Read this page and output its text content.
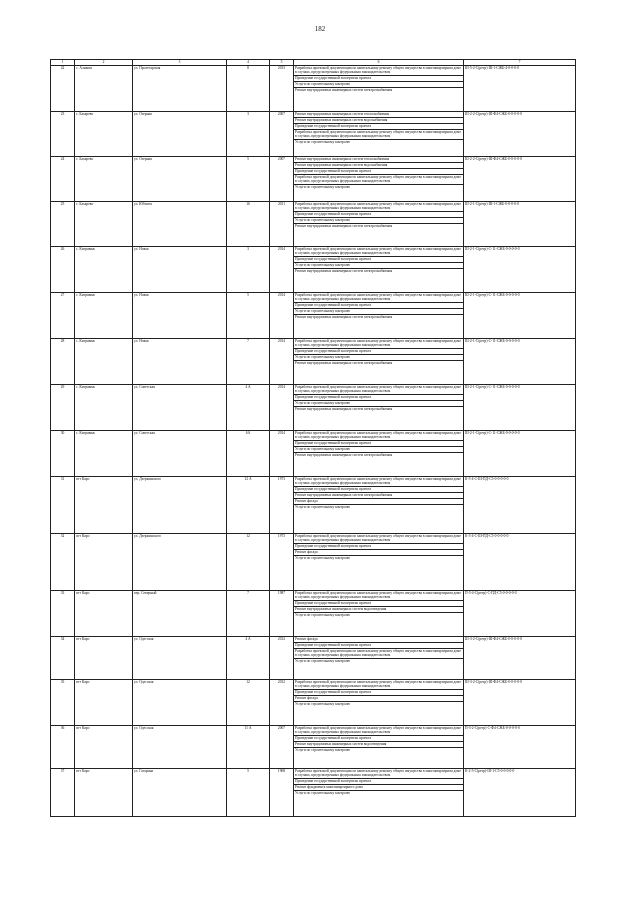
182
1	2	3	4	5	6	7
22	с. Алнаши	ул. Пролетарская	8	2013	Разработка проектной документации по капитальному ремонту общего имущества в многоквартирном доме в случаях, предусмотренных федеральным законодательством
Проведение государственной экспертизы проекта
Услуги по строительному контролю
Ремонт внутридомовых инженерных систем электроснабжения	Ш-5-2-С(ретр)-Ш-1-СЖБ-4-0-0-0-0
23	с. Бахарево	ул. Озерная	3	2007	Ремонт внутридомовых инженерных систем теплоснабжения
Ремонт внутридомовых инженерных систем водоснабжения
Проведение государственной экспертизы проекта
Разработка проектной документации по капитальному ремонту общего имущества в многоквартирном доме в случаях, предусмотренных федеральным законодательством
Услуги по строительному контролю	Ш-2-2-С(ретр)-Ш-Ф4-СЖБ-0-0-0-0-0
24	с. Бахарево	ул. Озерная	5	2007	Ремонт внутридомовых инженерных систем теплоснабжения
Ремонт внутридомовых инженерных систем водоснабжения
Проведение государственной экспертизы проекта
Разработка проектной документации по капитальному ремонту общего имущества в многоквартирном доме в случаях, предусмотренных федеральным законодательством
Услуги по строительному контролю	Ш-2-2-С(ретр)-Ш-Ф4-СЖБ-0-0-0-0-0
25	с. Бахарево	ул. Юбилея	16	2011	Разработка проектной документации по капитальному ремонту общего имущества в многоквартирном доме в случаях, предусмотренных федеральным законодательством
Проведение государственной экспертизы проекта
Услуги по строительному контролю
Ремонт внутридомовых инженерных систем электроснабжения	Ш-2-1-С(ретр)-Ш-1-СЖБ-0-0-0-0-0
26	с. Китрявиж	ул. Новая	3	2014	Разработка проектной документации по капитальному ремонту общего имущества в многоквартирном доме в случаях, предусмотренных федеральным законодательством
Проведение государственной экспертизы проекта
Услуги по строительному контролю
Ремонт внутридомовых инженерных систем электроснабжения	Ш-2-1-С(ретр)-С-11-СЖБ-0-0-0-0-0
27	с. Китрявиж	ул. Новая	5	2014	Разработка проектной документации по капитальному ремонту общего имущества в многоквартирном доме в случаях, предусмотренных федеральным законодательством
Проведение государственной экспертизы проекта
Услуги по строительному контролю
Ремонт внутридомовых инженерных систем электроснабжения	Ш-2-1-С(ретр)-С-11-СЖБ-0-0-0-0-0
28	с. Китрявиж	ул. Новая	7	2014	Разработка проектной документации по капитальному ремонту общего имущества в многоквартирном доме в случаях, предусмотренных федеральным законодательством
Проведение государственной экспертизы проекта
Услуги по строительному контролю
Ремонт внутридомовых инженерных систем электроснабжения	Ш-2-1-С(ретр)-С-11-СЖБ-0-0-0-0-0
29	с. Китрявиж	ул. Советская	4 А	2014	Разработка проектной документации по капитальному ремонту общего имущества в многоквартирном доме в случаях, предусмотренных федеральным законодательством
Проведение государственной экспертизы проекта
Услуги по строительному контролю
Ремонт внутридомовых инженерных систем электроснабжения	Ш-2-1-С(ретр)-С-11-СЖБ-0-0-0-0-0
30	с. Китрявиж	ул. Советская	6А	2014	Разработка проектной документации по капитальному ремонту общего имущества в многоквартирном доме в случаях, предусмотренных федеральным законодательством
Проведение государственной экспертизы проекта
Услуги по строительному контролю
Ремонт внутридомовых инженерных систем электроснабжения	Ш-2-1-С(ретр)-С-11-СЖБ-0-0-0-0-0
31	пгт Каро	ул. Дзержинского	12 А	1973	Разработка проектной документации по капитальному ремонту общего имущества в многоквартирном доме в случаях, предусмотренных федеральным законодательством
Проведение государственной экспертизы проекта
Ремонт внутридомовых инженерных систем электроснабжения
Ремонт фасада
Услуги по строительному контролю	К-5-4-С-Ш-ПД-С5-0-0-0-0-0
32	пгт Каро	ул. Дзержинского	12	1973	Разработка проектной документации по капитальному ремонту общего имущества в многоквартирном доме в случаях, предусмотренных федеральным законодательством
Проведение государственной экспертизы проекта
Ремонт фасада
Услуги по строительному контролю	К-5-4-С-Ш-ПД-С5-0-0-0-0-0
33	пгт Каро	пер. Северный	7	1987	Разработка проектной документации по капитальному ремонту общего имущества в многоквартирном доме в случаях, предусмотренных федеральным законодательством
Проведение государственной экспертизы проекта
Ремонт внутридомовых инженерных систем водоотведения
Услуги по строительному контролю	П-5-4-С(ретр)-С-ПД-С5-0-0-0-0-0
34	пгт Каро	ул. Одесская	4 А	2012	Ремонт фасада
Проведение государственной экспертизы проекта
Разработка проектной документации по капитальному ремонту общего имущества в многоквартирном доме в случаях, предусмотренных федеральным законодательством
Услуги по строительному контролю	Ш-3-2-С(ретр)-Ш-Ф4-СЖБ-0-0-0-0-0
35	пгт Каро	ул. Одесская	12	2012	Разработка проектной документации по капитальному ремонту общего имущества в многоквартирном доме в случаях, предусмотренных федеральным законодательством
Проведение государственной экспертизы проекта
Ремонт фасада
Услуги по строительному контролю	Ш-3-2-С(ретр)-Ш-Ф4-СЖБ-0-0-0-0-0
36	пгт Каро	ул. Одесская	11 А	2007	Разработка проектной документации по капитальному ремонту общего имущества в многоквартирном доме в случаях, предусмотренных федеральным законодательством
Проведение государственной экспертизы проекта
Ремонт внутридомовых инженерных систем водоотведения
Услуги по строительному контролю	П-3-2-С(ретр)-С-Ф4-СЖБ-0-0-0-0-0
37	пгт Каро	ул. Гагарина	5	1968	Разработка проектной документации по капитальному ремонту общего имущества в многоквартирном доме в случаях, предусмотренных федеральным законодательством
Проведение государственной экспертизы проекта
Ремонт фундамента многоквартирного дома
Услуги по строительному контролю	К-2-5-С(ретр)-Ш-1-С5-0-0-0-0-0
